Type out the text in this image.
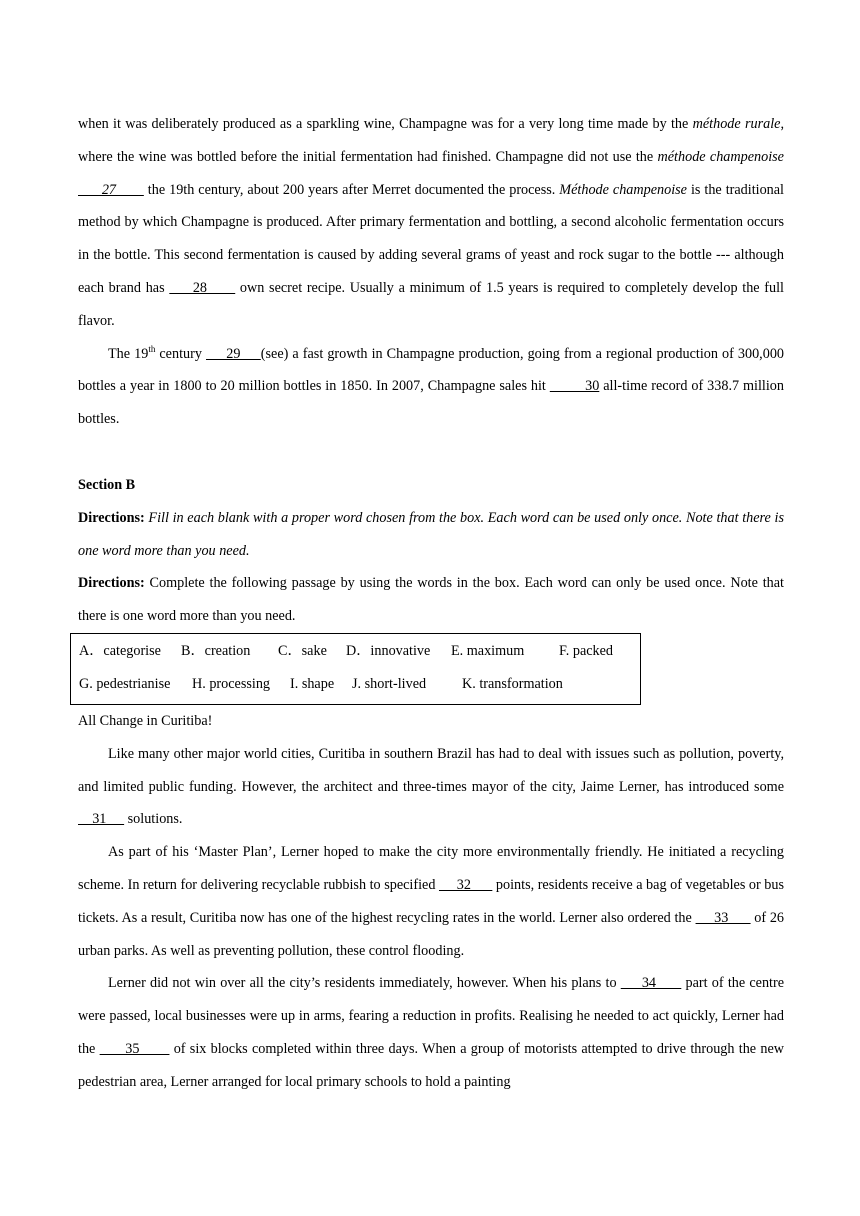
when it was deliberately produced as a sparkling wine, Champagne was for a very long time made by the méthode rurale, where the wine was bottled before the initial fermentation had finished. Champagne did not use the méthode champenoise      27        the 19th century, about 200 years after Merret documented the process. Méthode champenoise is the traditional method by which Champagne is produced. After primary fermentation and bottling, a second alcoholic fermentation occurs in the bottle. This second fermentation is caused by adding several grams of yeast and rock sugar to the bottle --- although each brand has      28       own secret recipe. Usually a minimum of 1.5 years is required to completely develop the full flavor.

The 19th century      29     (see) a fast growth in Champagne production, going from a regional production of 300,000 bottles a year in 1800 to 20 million bottles in 1850. In 2007, Champagne sales hit          30 all-time record of 338.7 million bottles.

Section B

Directions: Fill in each blank with a proper word chosen from the box. Each word can be used only once. Note that there is one word more than you need.

Directions: Complete the following passage by using the words in the box. Each word can only be used once. Note that there is one word more than you need.

A．categorise B．creation C．sake D．innovative E. maximum F. packed
G. pedestrianise H. processing I. shape J. short-lived	K. transformation

All Change in Curitiba!

Like many other major world cities, Curitiba in southern Brazil has had to deal with issues such as pollution, poverty, and limited public funding. However, the architect and three-times mayor of the city, Jaime Lerner, has introduced some     31      solutions.

As part of his ‘Master Plan’, Lerner hoped to make the city more environmentally friendly. He initiated a recycling scheme. In return for delivering recyclable rubbish to specified      32       points, residents receive a bag of vegetables or bus tickets. As a result, Curitiba now has one of the highest recycling rates in the world. Lerner also ordered the      33       of 26 urban parks. As well as preventing pollution, these control flooding.

Lerner did not win over all the city’s residents immediately, however. When his plans to      34       part of the centre were passed, local businesses were up in arms, fearing a reduction in profits. Realising he needed to act quickly, Lerner had the       35        of six blocks completed within three days. When a group of motorists attempted to drive through the new pedestrian area, Lerner arranged for local primary schools to hold a painting
